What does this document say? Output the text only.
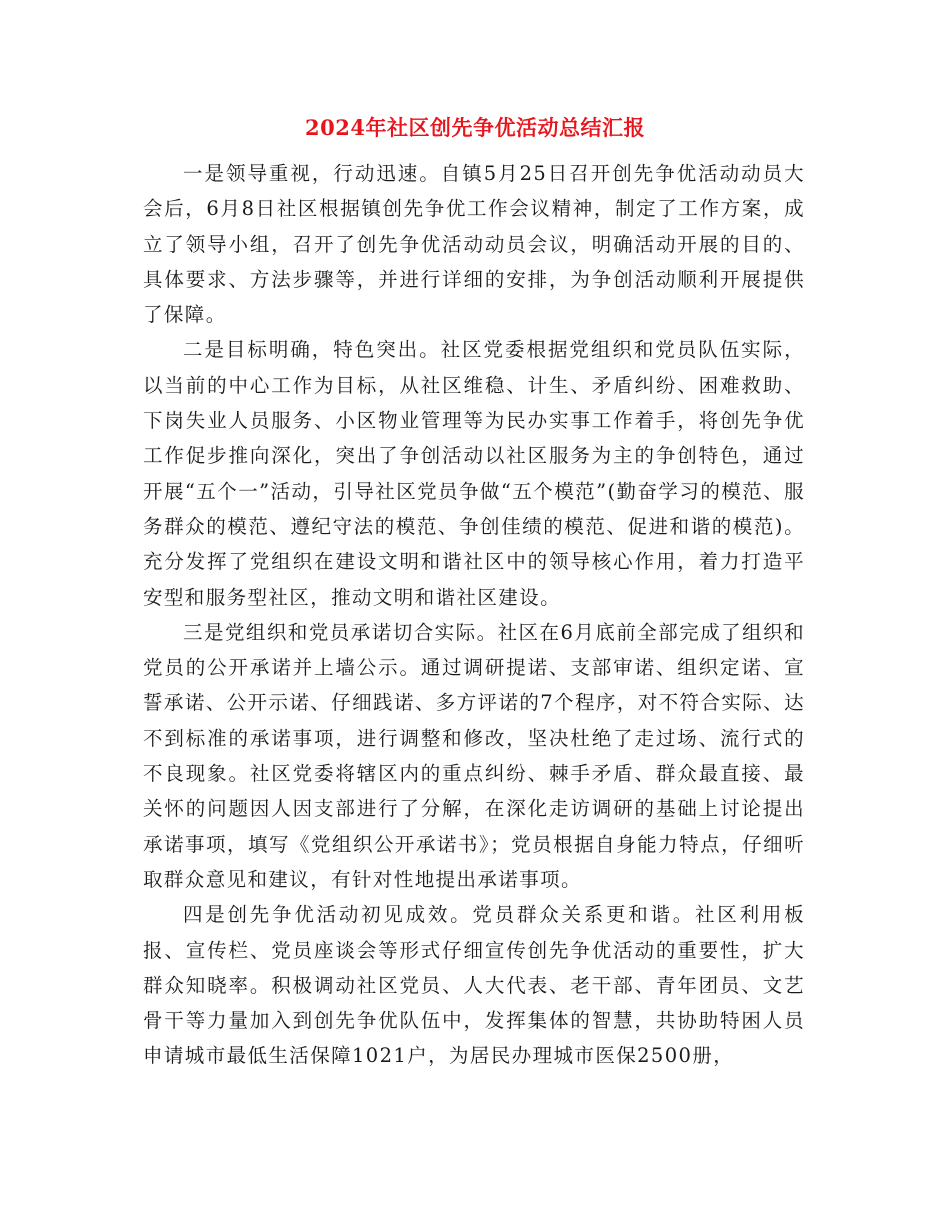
2024年社区创先争优活动总结汇报

一是领导重视，行动迅速。自镇5月25日召开创先争优活动动员大会后，6月8日社区根据镇创先争优工作会议精神，制定了工作方案，成立了领导小组，召开了创先争优活动动员会议，明确活动开展的目的、具体要求、方法步骤等，并进行详细的安排，为争创活动顺利开展提供了保障。

二是目标明确，特色突出。社区党委根据党组织和党员队伍实际，以当前的中心工作为目标，从社区维稳、计生、矛盾纠纷、困难救助、下岗失业人员服务、小区物业管理等为民办实事工作着手，将创先争优工作促步推向深化，突出了争创活动以社区服务为主的争创特色，通过开展“五个一”活动，引导社区党员争做“五个模范”(勤奋学习的模范、服务群众的模范、遵纪守法的模范、争创佳绩的模范、促进和谐的模范)。充分发挥了党组织在建设文明和谐社区中的领导核心作用，着力打造平安型和服务型社区，推动文明和谐社区建设。

三是党组织和党员承诺切合实际。社区在6月底前全部完成了组织和党员的公开承诺并上墙公示。通过调研提诺、支部审诺、组织定诺、宣誓承诺、公开示诺、仔细践诺、多方评诺的7个程序，对不符合实际、达不到标准的承诺事项，进行调整和修改，坚决杜绝了走过场、流行式的不良现象。社区党委将辖区内的重点纠纷、棘手矛盾、群众最直接、最关怀的问题因人因支部进行了分解，在深化走访调研的基础上讨论提出承诺事项，填写《党组织公开承诺书》；党员根据自身能力特点，仔细听取群众意见和建议，有针对性地提出承诺事项。

四是创先争优活动初见成效。党员群众关系更和谐。社区利用板报、宣传栏、党员座谈会等形式仔细宣传创先争优活动的重要性，扩大群众知晓率。积极调动社区党员、人大代表、老干部、青年团员、文艺骨干等力量加入到创先争优队伍中，发挥集体的智慧，共协助特困人员申请城市最低生活保障1021户，为居民办理城市医保2500册，
